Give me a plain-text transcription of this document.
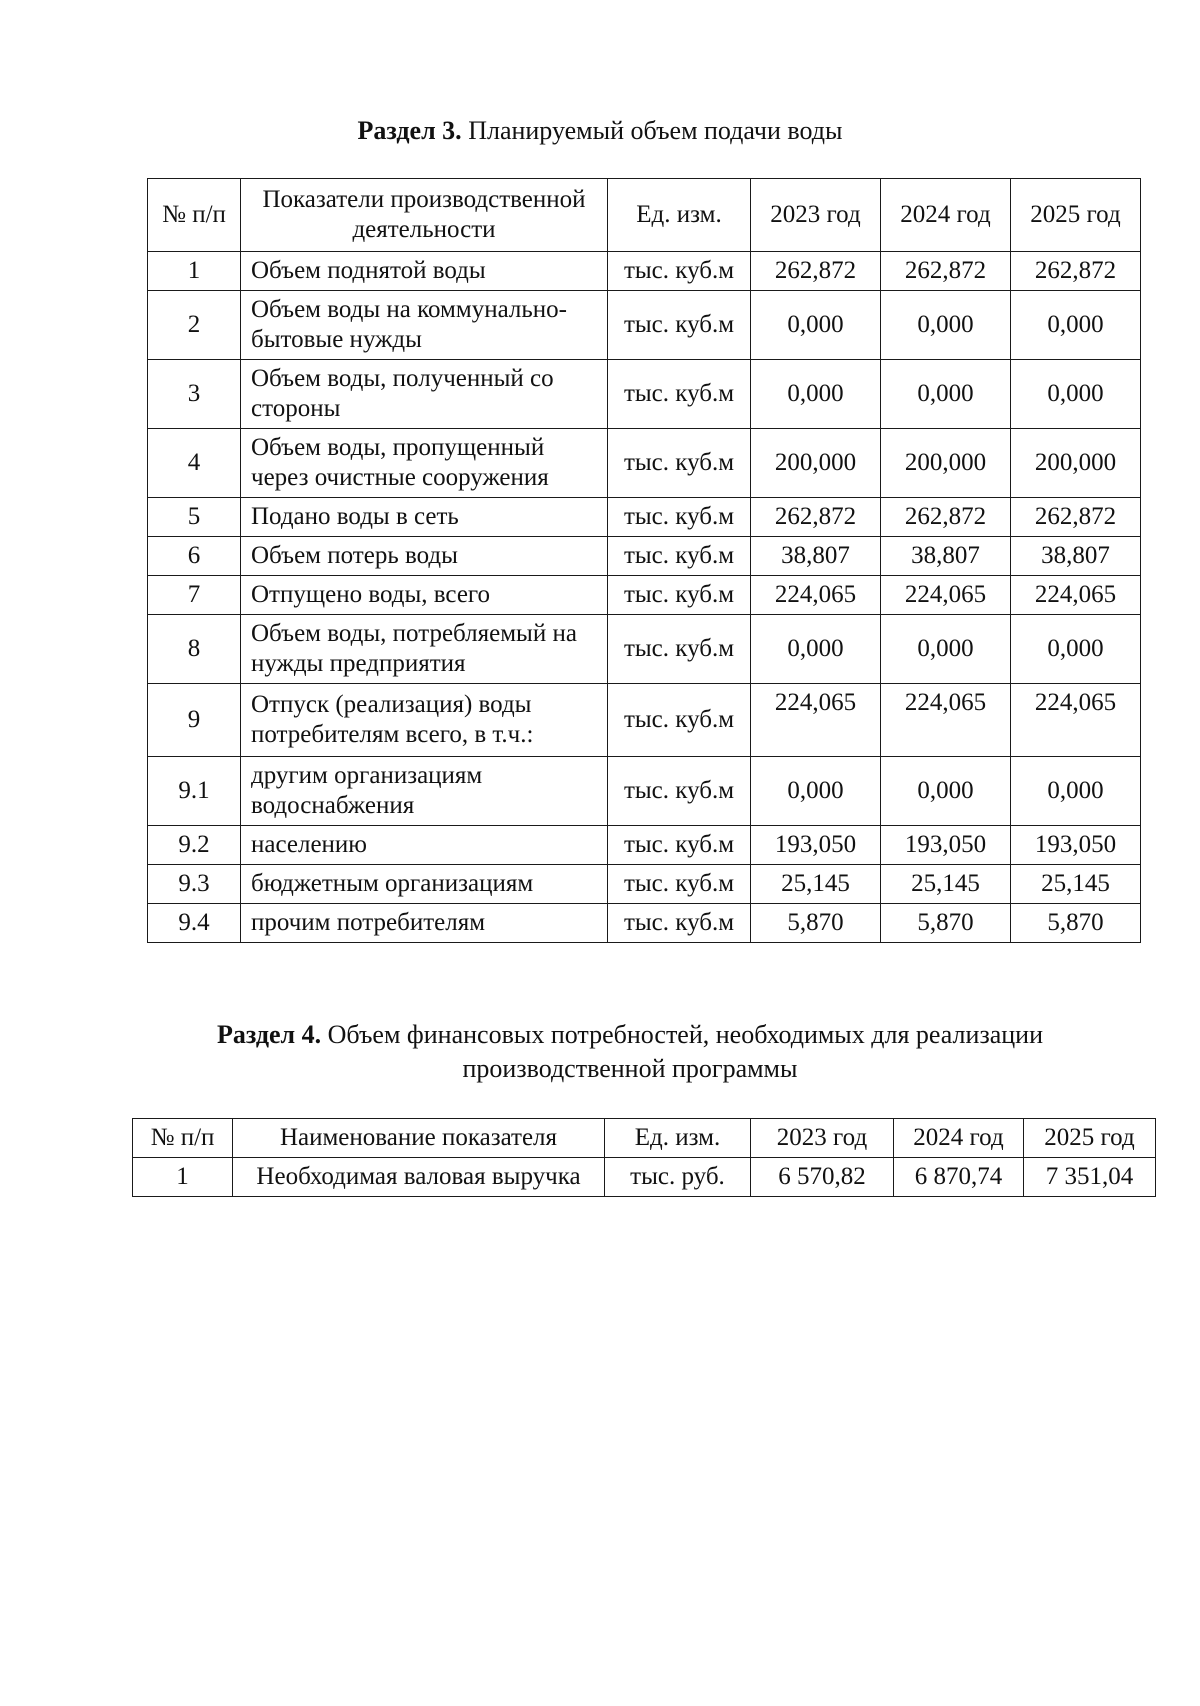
Раздел 3. Планируемый объем подачи воды
№ п/п	Показатели производственной деятельности	Ед. изм.	2023 год	2024 год	2025 год
1	Объем поднятой воды	тыс. куб.м	262,872	262,872	262,872
2	Объем воды на коммунально-бытовые нужды	тыс. куб.м	0,000	0,000	0,000
3	Объем воды, полученный со стороны	тыс. куб.м	0,000	0,000	0,000
4	Объем воды, пропущенный через очистные сооружения	тыс. куб.м	200,000	200,000	200,000
5	Подано воды в сеть	тыс. куб.м	262,872	262,872	262,872
6	Объем потерь воды	тыс. куб.м	38,807	38,807	38,807
7	Отпущено воды, всего	тыс. куб.м	224,065	224,065	224,065
8	Объем воды, потребляемый на нужды предприятия	тыс. куб.м	0,000	0,000	0,000
9	Отпуск (реализация) воды потребителям всего, в т.ч.:	тыс. куб.м	224,065	224,065	224,065
9.1	другим организациям водоснабжения	тыс. куб.м	0,000	0,000	0,000
9.2	населению	тыс. куб.м	193,050	193,050	193,050
9.3	бюджетным организациям	тыс. куб.м	25,145	25,145	25,145
9.4	прочим потребителям	тыс. куб.м	5,870	5,870	5,870
Раздел 4. Объем финансовых потребностей, необходимых для реализации производственной программы
№ п/п	Наименование показателя	Ед. изм.	2023 год	2024 год	2025 год
1	Необходимая валовая выручка	тыс. руб.	6 570,82	6 870,74	7 351,04
